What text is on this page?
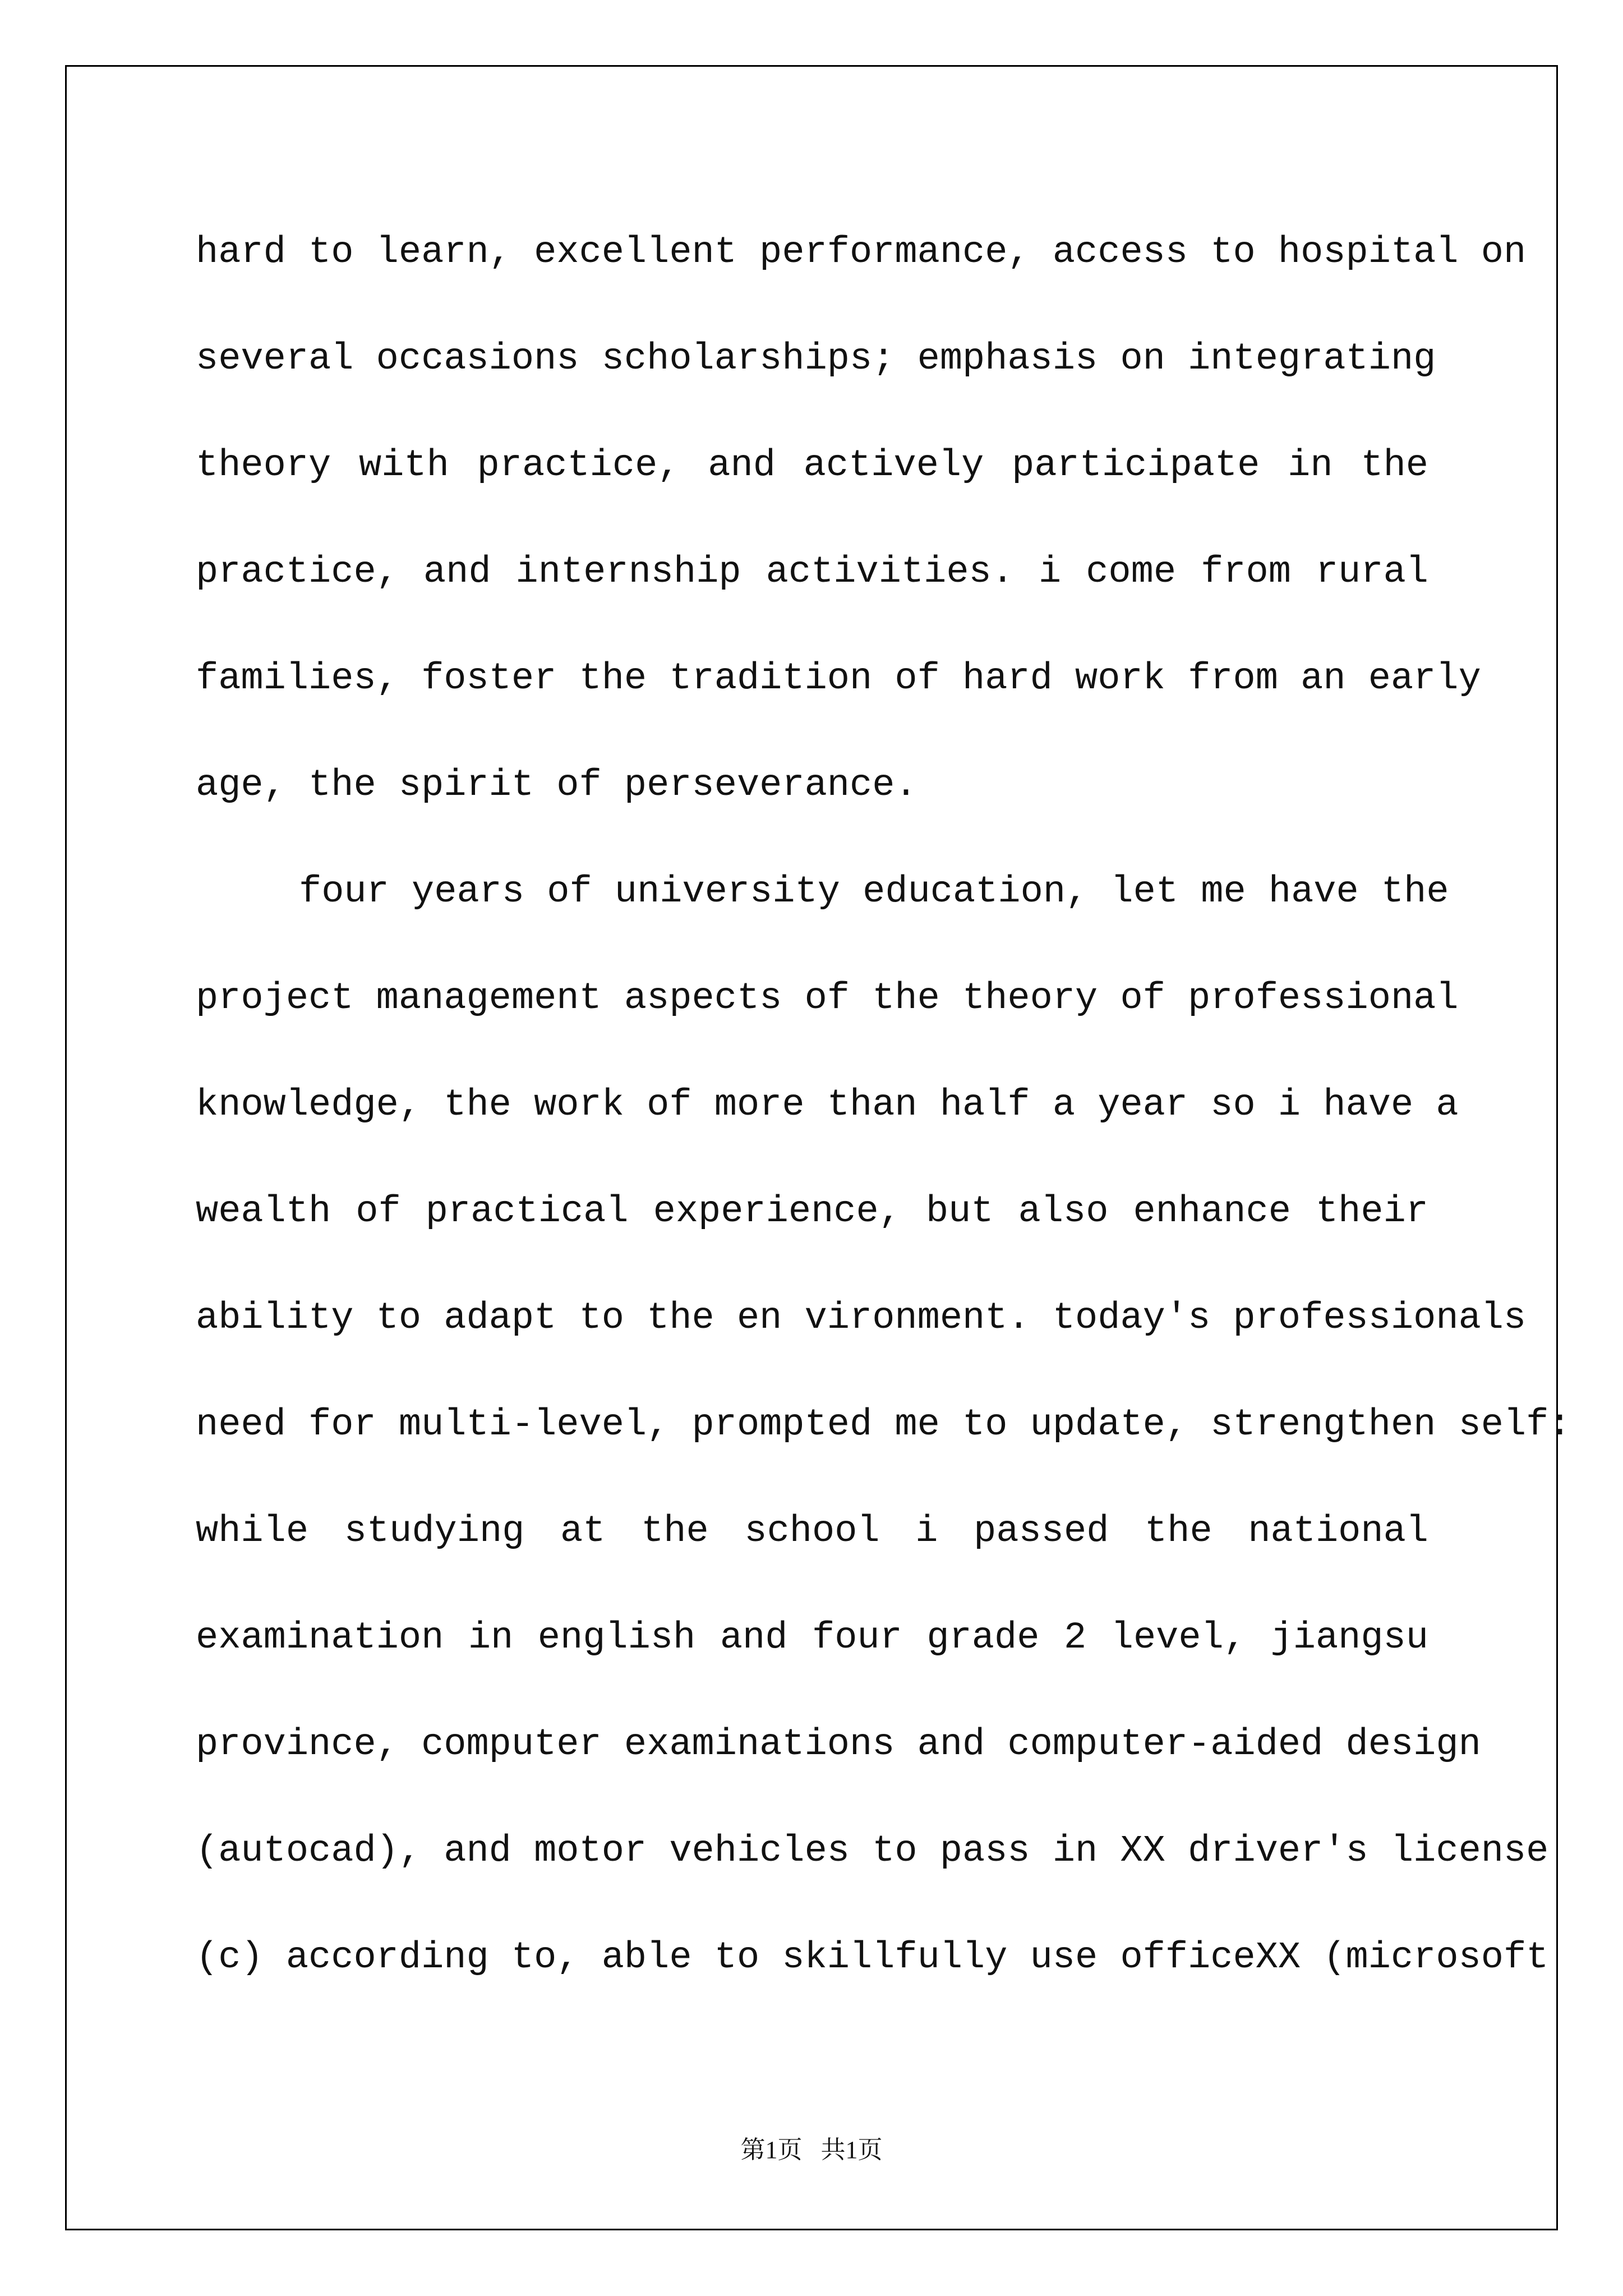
hard to learn, excellent performance, access to hospital on
several occasions scholarships; emphasis on integrating
theory with practice, and actively participate in the
practice, and internship activities. i come from rural
families, foster the tradition of hard work from an early
age, the spirit of perseverance.
four years of university education, let me have the
project management aspects of the theory of professional
knowledge, the work of more than half a year so i have a
wealth of practical experience, but also enhance their
ability to adapt to the en vironment. today's professionals
need for multi-level, prompted me to update, strengthen self:
while studying at the school i passed the national
examination in english and four grade 2 level, jiangsu
province, computer examinations and computer-aided design
(autocad), and motor vehicles to pass in XX driver's license
(c) according to, able to skillfully use officeXX (microsoft
第1页 共1页
